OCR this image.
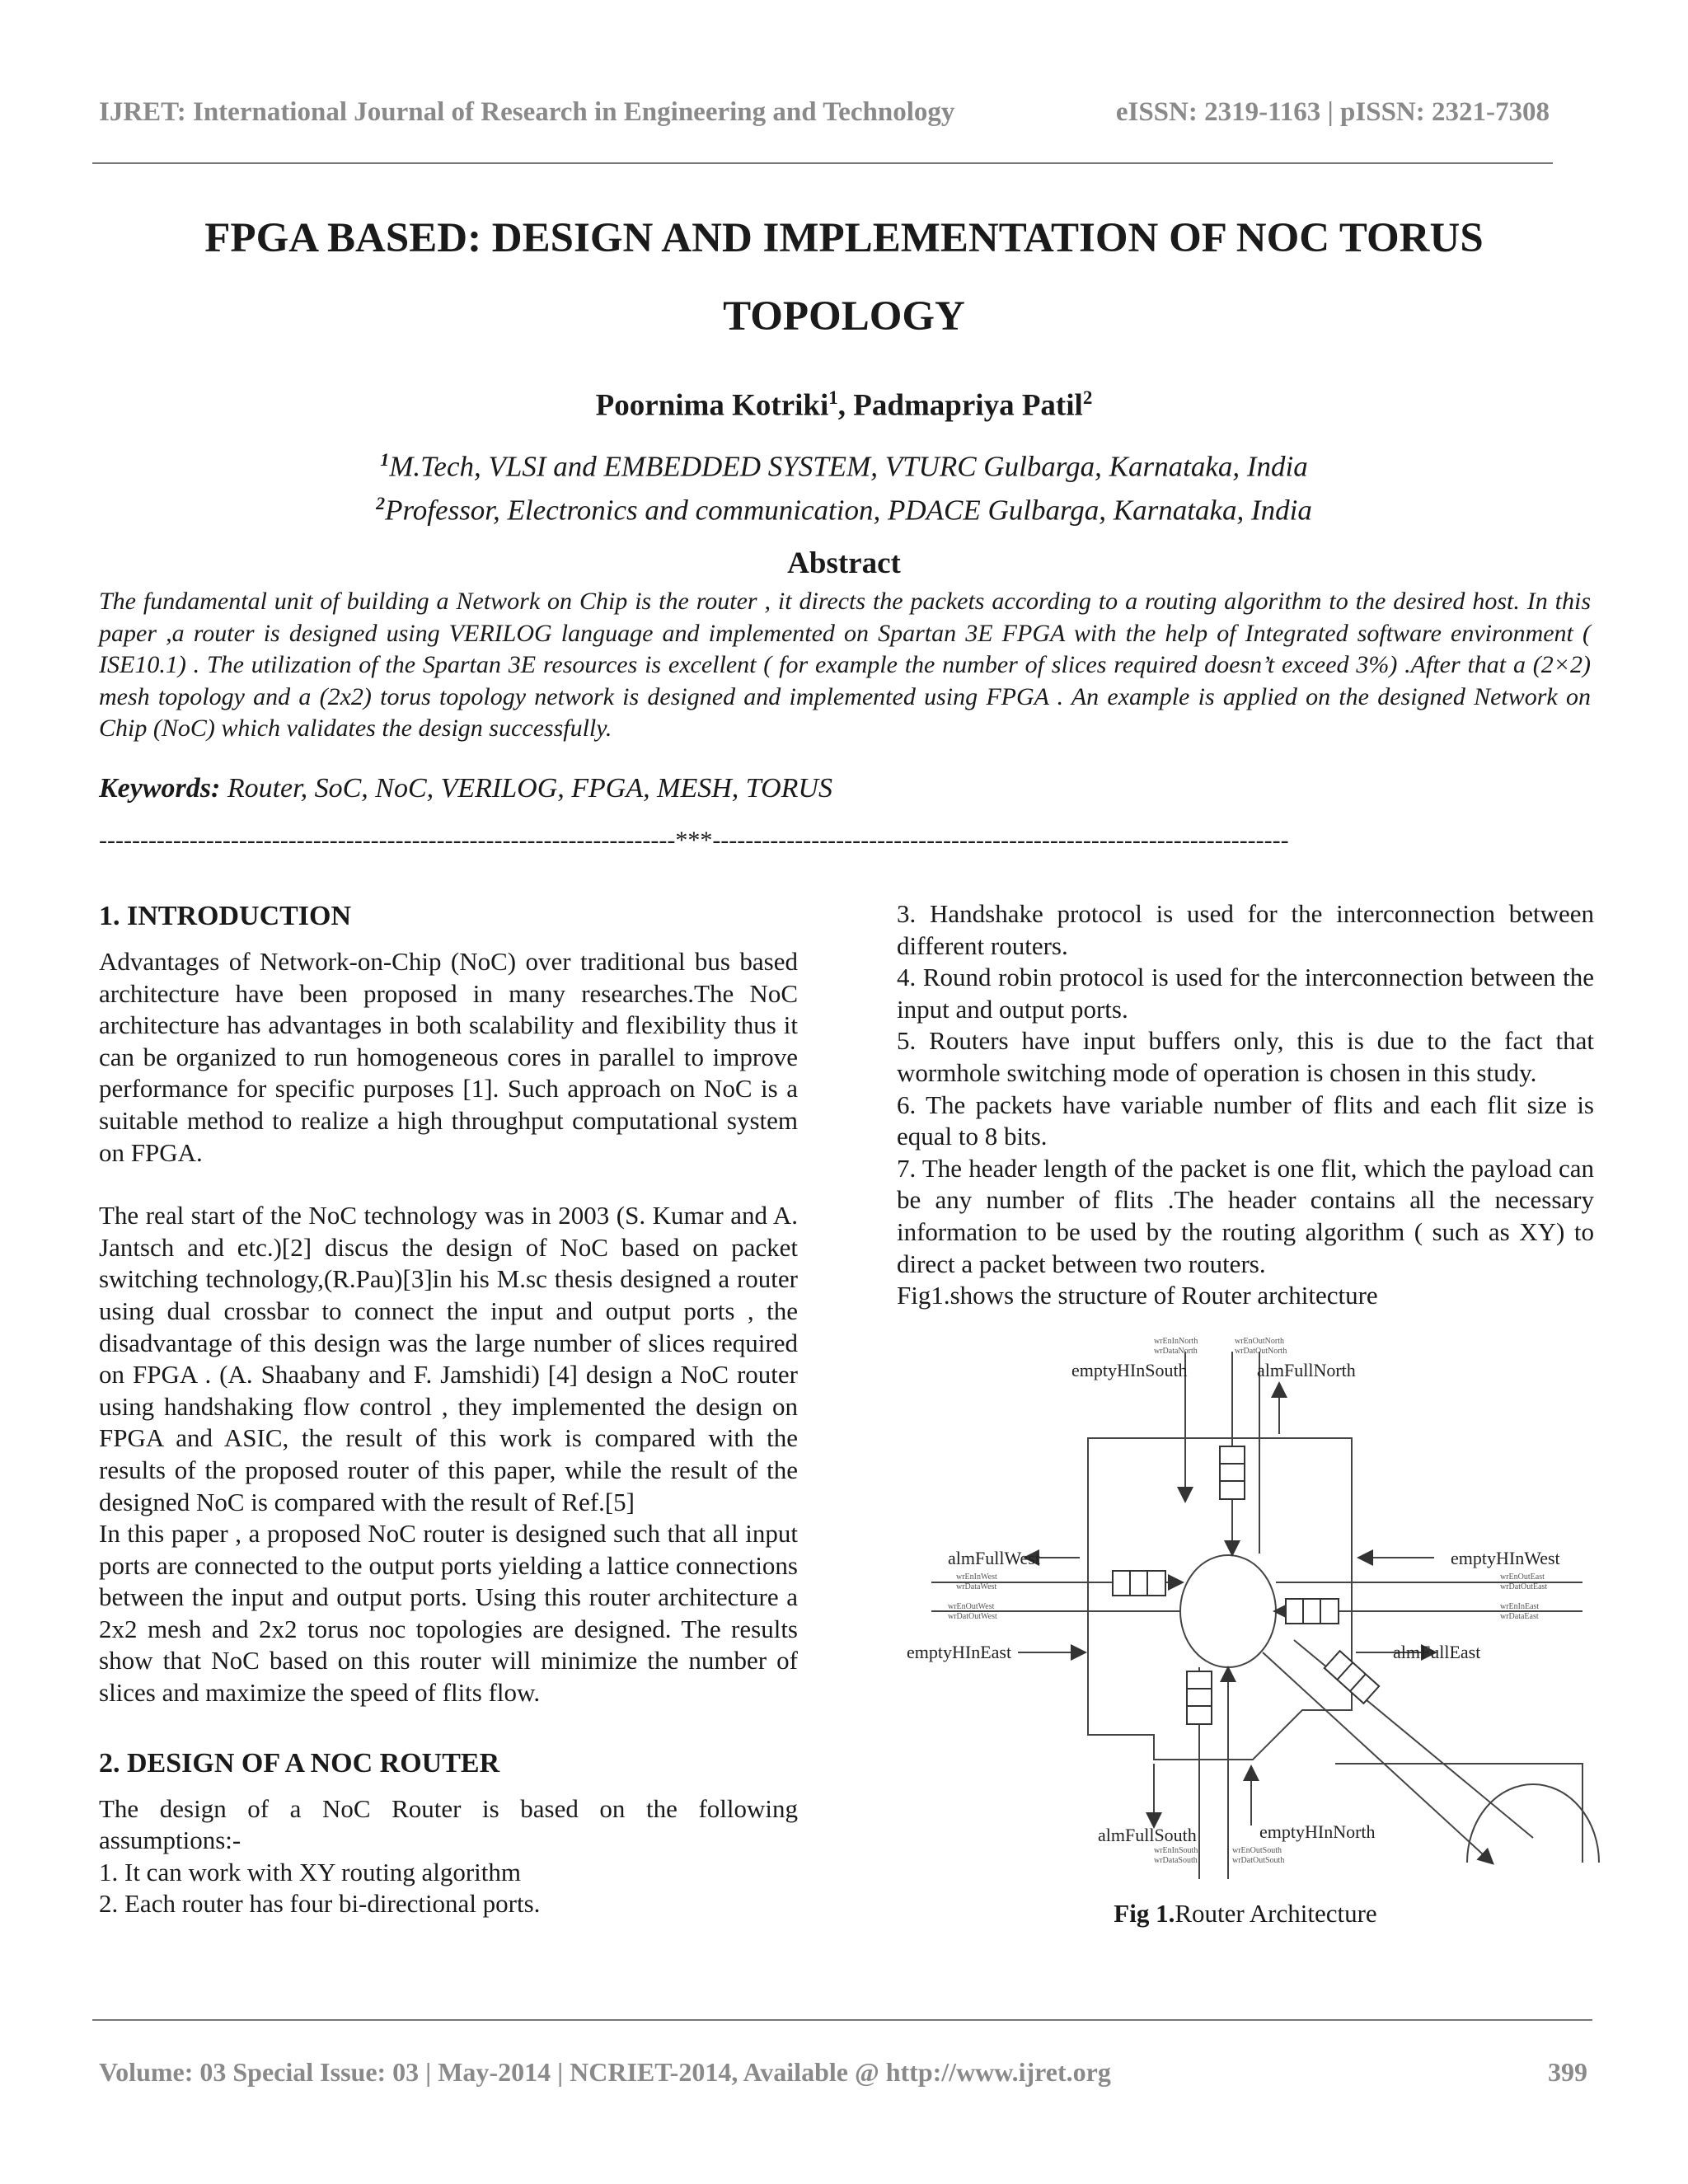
IJRET: International Journal of Research in Engineering and Technology	eISSN: 2319-1163 | pISSN: 2321-7308
FPGA BASED: DESIGN AND IMPLEMENTATION OF NOC TORUS
TOPOLOGY
Poornima Kotriki$^1$, Padmapriya Patil$^2$
$^1$M.Tech, VLSI and EMBEDDED SYSTEM, VTURC Gulbarga, Karnataka, India
$^2$Professor, Electronics and communication, PDACE Gulbarga, Karnataka, India
Abstract
The fundamental unit of building a Network on Chip is the router , it directs the packets according to a routing algorithm to the desired host. In this paper ,a router is designed using VERILOG language and implemented on Spartan 3E FPGA with the help of Integrated software environment ( ISE10.1) . The utilization of the Spartan 3E resources is excellent ( for example the number of slices required doesn’t exceed 3%) .After that a (2×2) mesh topology and a (2x2) torus topology network is designed and implemented using FPGA . An example is applied on the designed Network on Chip (NoC) which validates the design successfully.
Keywords: Router, SoC, NoC, VERILOG, FPGA, MESH, TORUS
----------------------------------------------------------------------***----------------------------------------------------------------------
1. INTRODUCTION

Advantages of Network-on-Chip (NoC) over traditional bus based architecture have been proposed in many researches.The NoC architecture has advantages in both scalability and flexibility thus it can be organized to run homogeneous cores in parallel to improve performance for specific purposes [1]. Such approach on NoC is a suitable method to realize a high throughput computational system on FPGA.

The real start of the NoC technology was in 2003 (S. Kumar and A. Jantsch and etc.)[2] discus the design of NoC based on packet switching technology,(R.Pau)[3]in his M.sc thesis designed a router using dual crossbar to connect the input and output ports , the disadvantage of this design was the large number of slices required on FPGA . (A. Shaabany and F. Jamshidi) [4] design a NoC router using handshaking flow control , they implemented the design on FPGA and ASIC, the result of this work is compared with the results of the proposed router of this paper, while the result of the designed NoC is compared with the result of Ref.[5]

In this paper , a proposed NoC router is designed such that all input ports are connected to the output ports yielding a lattice connections between the input and output ports. Using this router architecture a 2x2 mesh and 2x2 torus noc topologies are designed. The results show that NoC based on this router will minimize the number of slices and maximize the speed of flits flow.

2. DESIGN OF A NOC ROUTER

The design of a NoC Router is based on the following assumptions:-

1. It can work with XY routing algorithm

2. Each router has four bi-directional ports.

3. Handshake protocol is used for the interconnection between different routers.

4. Round robin protocol is used for the interconnection between the input and output ports.

5. Routers have input buffers only, this is due to the fact that wormhole switching mode of operation is chosen in this study.

6. The packets have variable number of flits and each flit size is equal to 8 bits.

7. The header length of the packet is one flit, which the payload can be any number of flits .The header contains all the necessary information to be used by the routing algorithm ( such as XY) to direct a packet between two routers.

Fig1.shows the structure of Router architecture

emptyHInSouth	almFullNorth
almFullWest	emptyHInWest
emptyHInEast	almFullEast
almFullSouth	emptyHInNorth
wrEnInNorth
wrDataNorth
wrEnOutNorth
wrDatOutNorth
wrEnInWest
wrDataWest
wrEnOutWest
wrDatOutWest
wrEnOutEast
wrDatOutEast
wrEnInEast
wrDataEast
wrEnInSouth
wrDataSouth
wrEnOutSouth
wrDatOutSouth
Fig 1.Router Architecture
Volume: 03 Special Issue: 03 | May-2014 | NCRIET-2014, Available @ http://www.ijret.org	399
